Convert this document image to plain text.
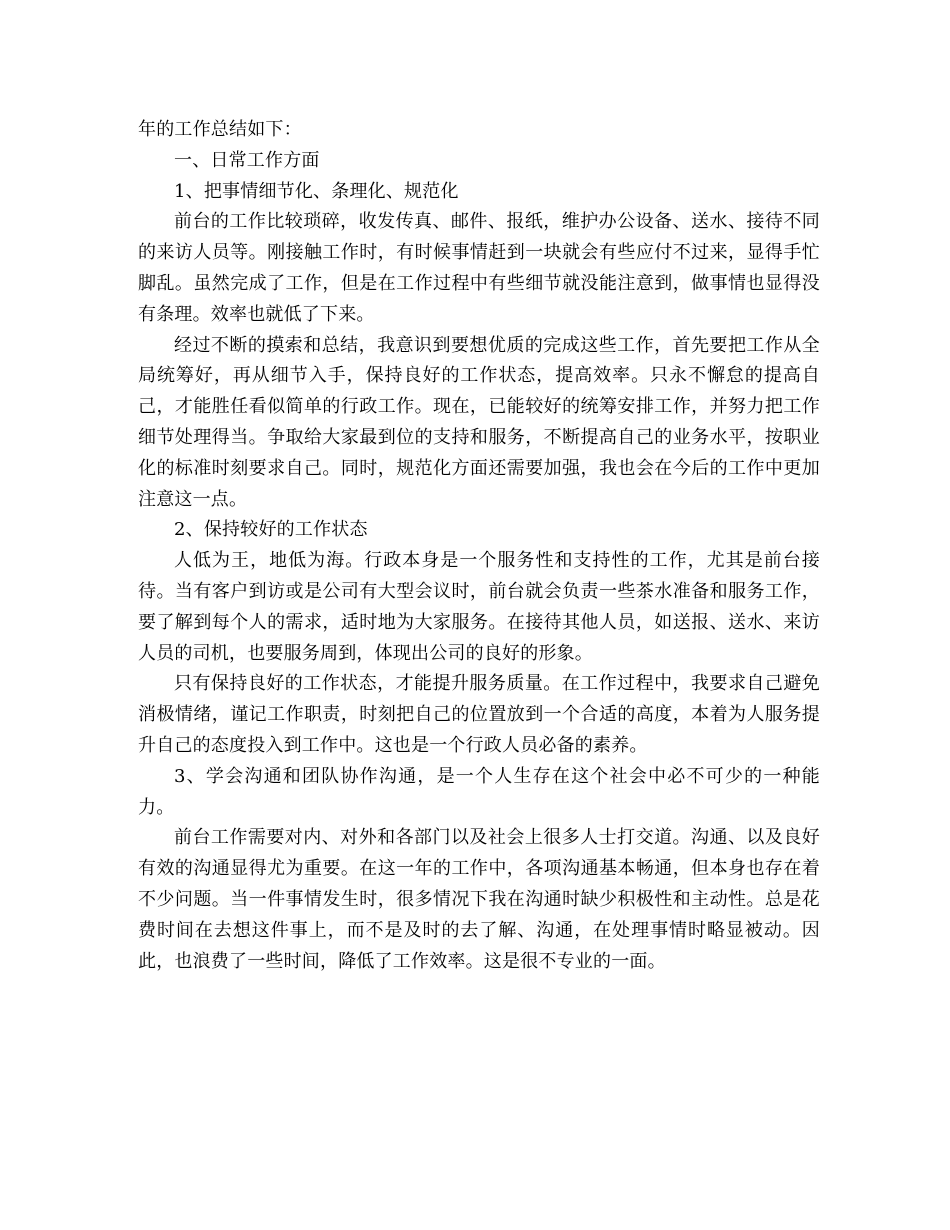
年的工作总结如下：

一、日常工作方面

1、把事情细节化、条理化、规范化

前台的工作比较琐碎，收发传真、邮件、报纸，维护办公设备、送水、接待不同的来访人员等。刚接触工作时，有时候事情赶到一块就会有些应付不过来，显得手忙脚乱。虽然完成了工作，但是在工作过程中有些细节就没能注意到，做事情也显得没有条理。效率也就低了下来。

经过不断的摸索和总结，我意识到要想优质的完成这些工作，首先要把工作从全局统筹好，再从细节入手，保持良好的工作状态，提高效率。只永不懈怠的提高自己，才能胜任看似简单的行政工作。现在，已能较好的统筹安排工作，并努力把工作细节处理得当。争取给大家最到位的支持和服务，不断提高自己的业务水平，按职业化的标准时刻要求自己。同时，规范化方面还需要加强，我也会在今后的工作中更加注意这一点。

2、保持较好的工作状态

人低为王，地低为海。行政本身是一个服务性和支持性的工作，尤其是前台接待。当有客户到访或是公司有大型会议时，前台就会负责一些茶水准备和服务工作，要了解到每个人的需求，适时地为大家服务。在接待其他人员，如送报、送水、来访人员的司机，也要服务周到，体现出公司的良好的形象。

只有保持良好的工作状态，才能提升服务质量。在工作过程中，我要求自己避免消极情绪，谨记工作职责，时刻把自己的位置放到一个合适的高度，本着为人服务提升自己的态度投入到工作中。这也是一个行政人员必备的素养。

3、学会沟通和团队协作沟通，是一个人生存在这个社会中必不可少的一种能力。

前台工作需要对内、对外和各部门以及社会上很多人士打交道。沟通、以及良好有效的沟通显得尤为重要。在这一年的工作中，各项沟通基本畅通，但本身也存在着不少问题。当一件事情发生时，很多情况下我在沟通时缺少积极性和主动性。总是花费时间在去想这件事上，而不是及时的去了解、沟通，在处理事情时略显被动。因此，也浪费了一些时间，降低了工作效率。这是很不专业的一面。
